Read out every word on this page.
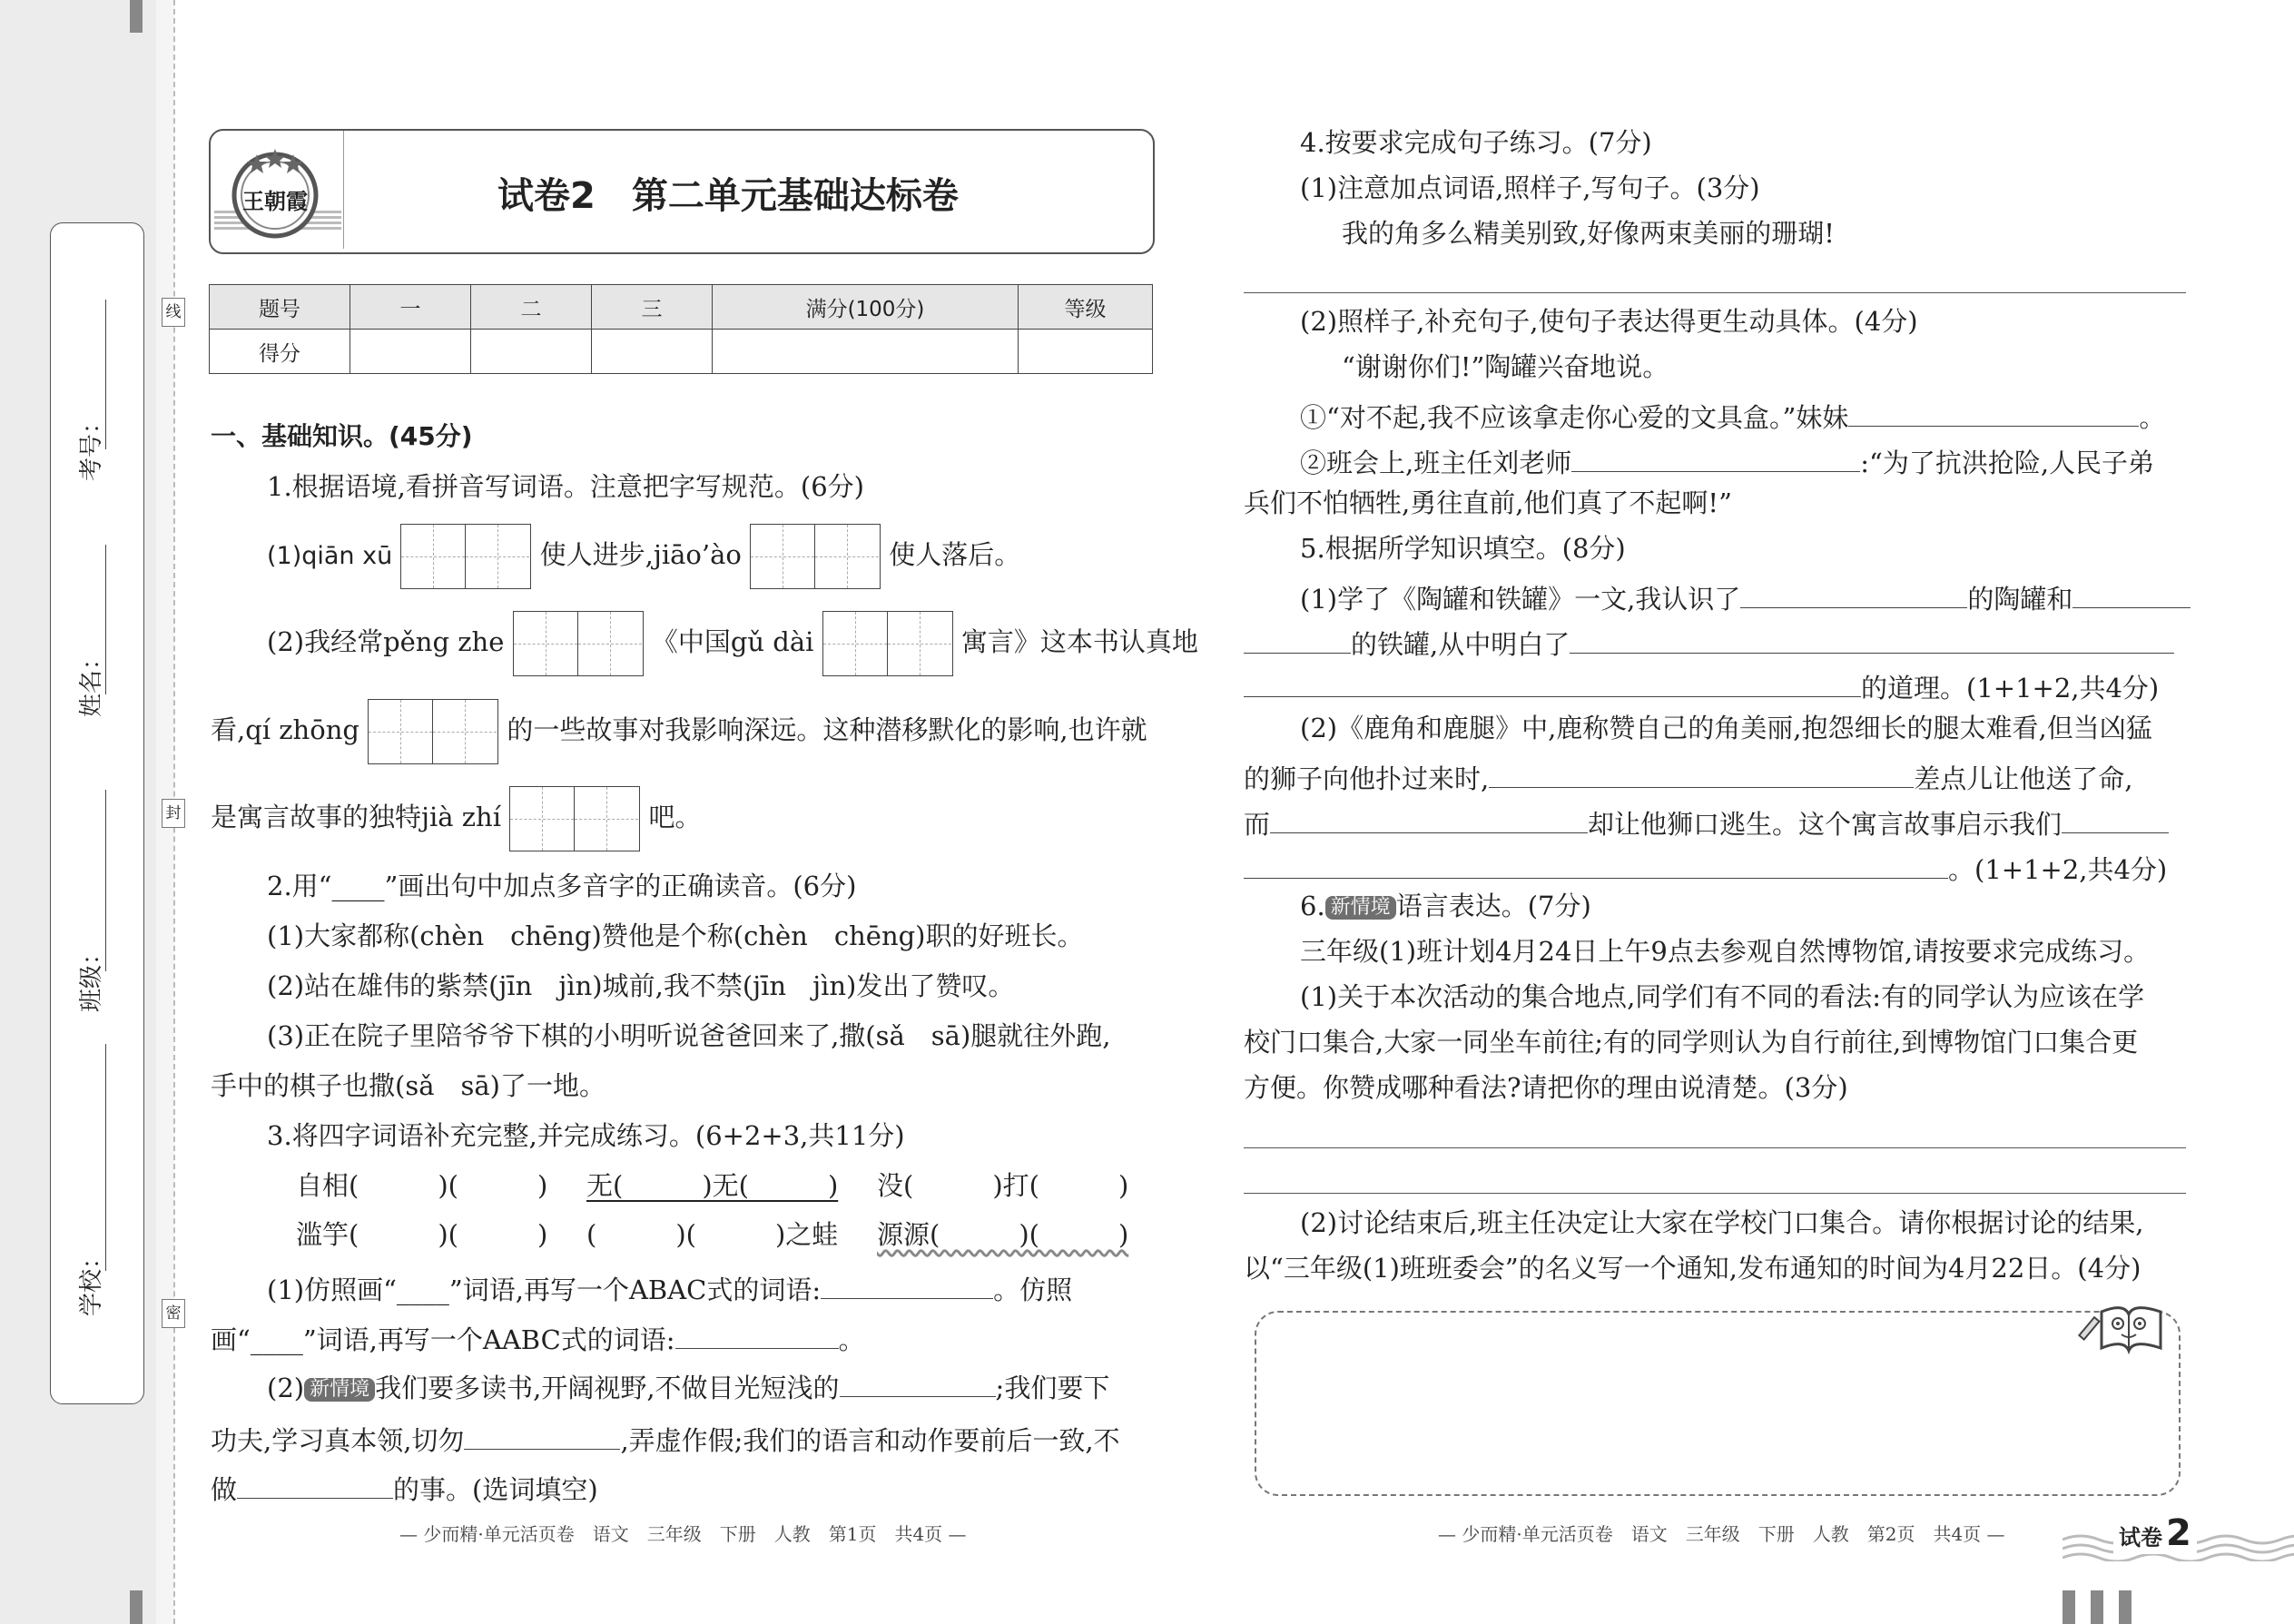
考号：
姓名：
班级：
学校：
线
封
密
王朝霞	试卷2　第二单元基础达标卷
题号	一	二	三	满分(100分)	等级
得分					
一、基础知识。(45分)
1.根据语境,看拼音写词语。注意把字写规范。(6分)
(1)qiān xū	使人进步,jiāo’ào	使人落后。
(2)我经常pěng zhe	《中国gǔ dài	寓言》这本书认真地
看,qí zhōng	的一些故事对我影响深远。这种潜移默化的影响,也许就
是寓言故事的独特jià zhí	吧。
2.用“____”画出句中加点多音字的正确读音。(6分)
(1)大家都称(chèn　chēng)赞他是个称(chèn　chēng)职的好班长。
(2)站在雄伟的紫禁(jīn　jìn)城前,我不禁(jīn　jìn)发出了赞叹。
(3)正在院子里陪爷爷下棋的小明听说爸爸回来了,撒(sǎ　sā)腿就往外跑,
手中的棋子也撒(sǎ　sā)了一地。
3.将四字词语补充完整,并完成练习。(6+2+3,共11分)
自相(　　　)(　　　) 无(　　　)无(　　　) 没(　　　)打(　　　)
滥竽(　　　)(　　　) (　　　)(　　　)之蛙 源源(　　　)(　　　)
(1)仿照画“____”词语,再写一个ABAC式的词语:	。仿照
画“____”词语,再写一个AABC式的词语:	。
(2) 新情境 我们要多读书,开阔视野,不做目光短浅的	;我们要下
功夫,学习真本领,切勿	,弄虚作假;我们的语言和动作要前后一致,不
做	的事。(选词填空)
— 少而精·单元活页卷　语文　三年级　下册　人教　第1页　共4页 —
4.按要求完成句子练习。(7分)
(1)注意加点词语,照样子,写句子。(3分)
我的角多么精美别致,好像两束美丽的珊瑚!
(2)照样子,补充句子,使句子表达得更生动具体。(4分)
“谢谢你们!”陶罐兴奋地说。
①“对不起,我不应该拿走你心爱的文具盒。”妹妹	。
②班会上,班主任刘老师	:“为了抗洪抢险,人民子弟
兵们不怕牺牲,勇往直前,他们真了不起啊!”
5.根据所学知识填空。(8分)
(1)学了《陶罐和铁罐》一文,我认识了	的陶罐和
的铁罐,从中明白了
的道理。(1+1+2,共4分)
(2)《鹿角和鹿腿》中,鹿称赞自己的角美丽,抱怨细长的腿太难看,但当凶猛
的狮子向他扑过来时,	差点儿让他送了命,
而	却让他狮口逃生。这个寓言故事启示我们
。(1+1+2,共4分)
6. 新情境 语言表达。(7分)
三年级(1)班计划4月24日上午9点去参观自然博物馆,请按要求完成练习。
(1)关于本次活动的集合地点,同学们有不同的看法:有的同学认为应该在学
校门口集合,大家一同坐车前往;有的同学则认为自行前往,到博物馆门口集合更
方便。你赞成哪种看法?请把你的理由说清楚。(3分)
(2)讨论结束后,班主任决定让大家在学校门口集合。请你根据讨论的结果,
以“三年级(1)班班委会”的名义写一个通知,发布通知的时间为4月22日。(4分)
— 少而精·单元活页卷　语文　三年级　下册　人教　第2页　共4页 —	试卷 2
